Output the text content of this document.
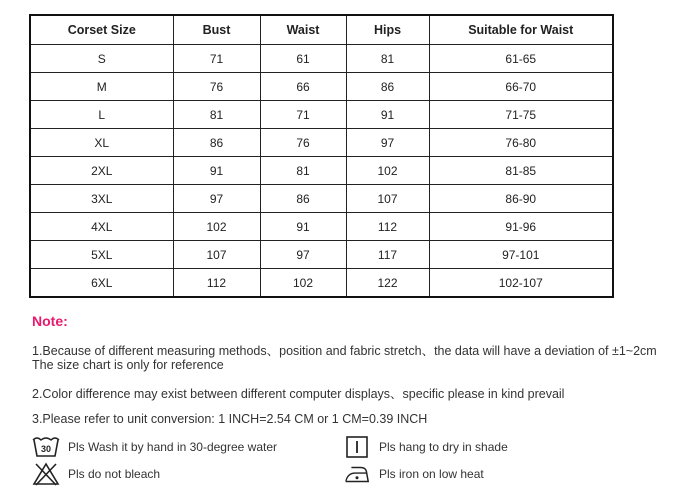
Corset Size	Bust	Waist	Hips	Suitable for Waist
S	71	61	81	61-65
M	76	66	86	66-70
L	81	71	91	71-75
XL	86	76	97	76-80
2XL	91	81	102	81-85
3XL	97	86	107	86-90
4XL	102	91	112	91-96
5XL	107	97	117	97-101
6XL	112	102	122	102-107
Note:
1.Because of different measuring methods、position and fabric stretch、the data will have a deviation of ±1~2cm
The size chart is only for reference
2.Color difference may exist between different computer displays、specific please in kind prevail
3.Please refer to unit conversion: 1 INCH=2.54 CM or 1 CM=0.39 INCH
30 Pls Wash it by hand in 30-degree water
Pls do not bleach
Pls hang to dry in shade
Pls iron on low heat
